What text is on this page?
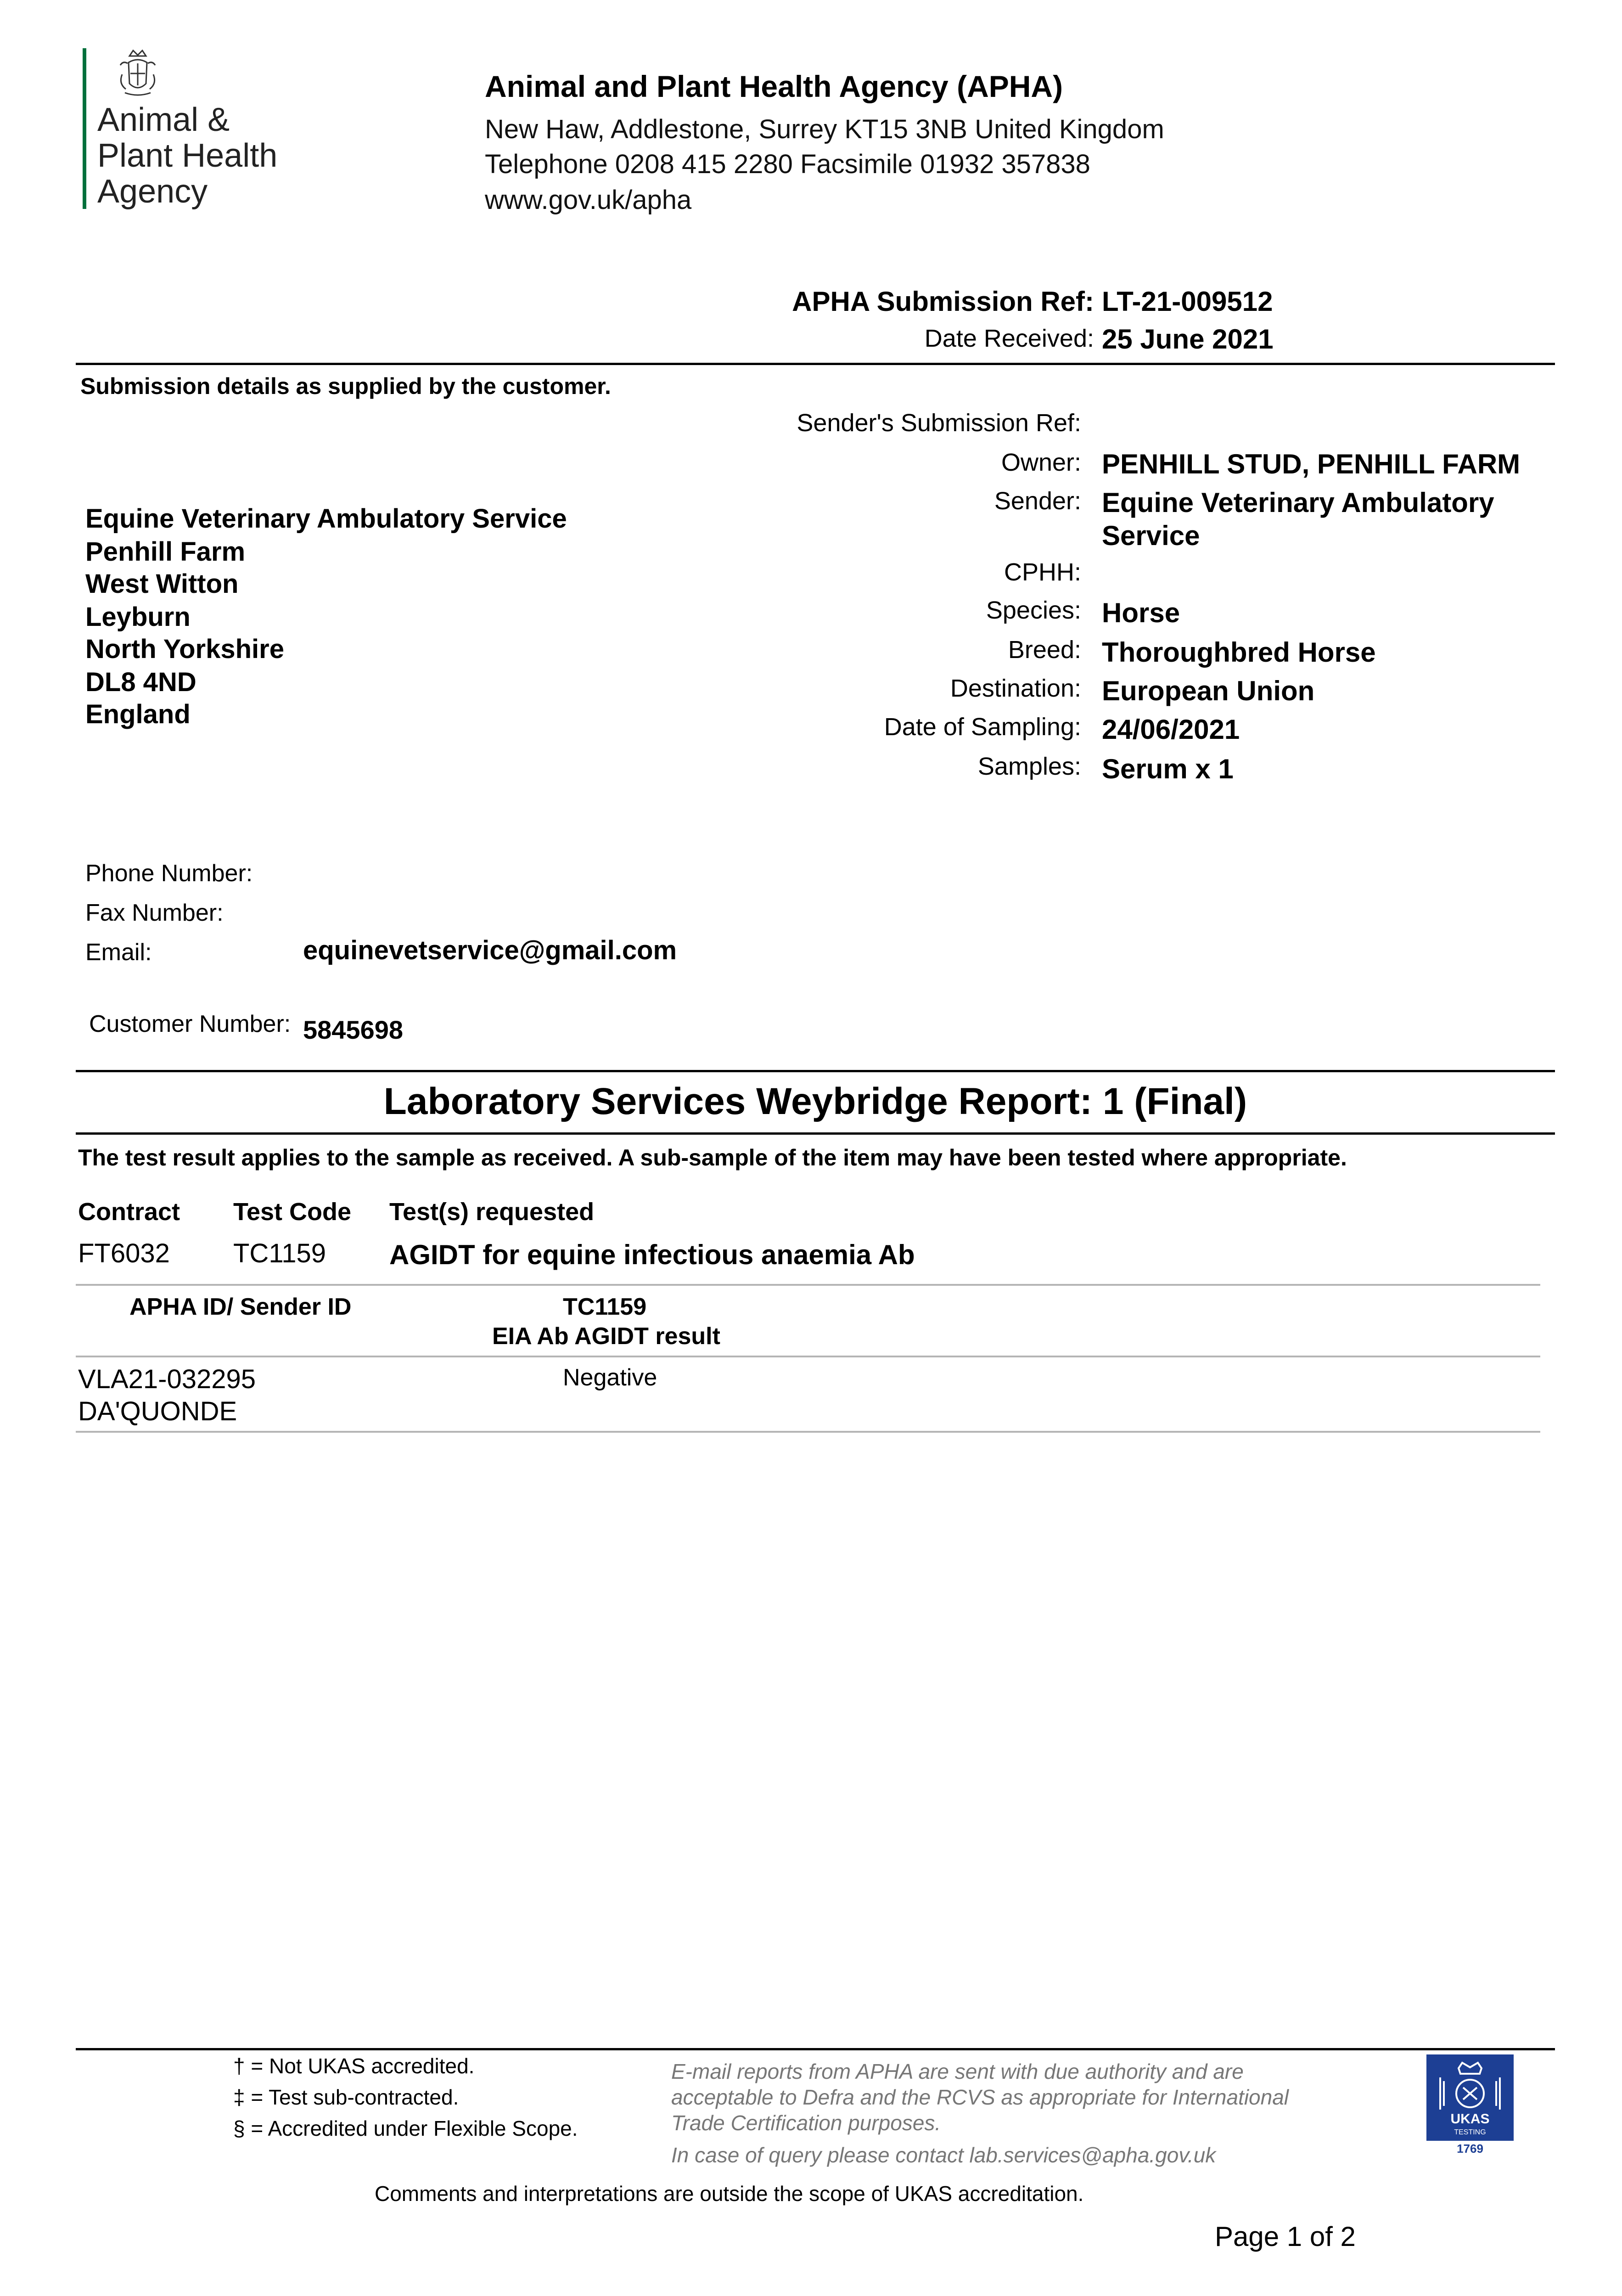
Animal &
Plant Health
Agency
Animal and Plant Health Agency (APHA)
New Haw, Addlestone, Surrey KT15 3NB United Kingdom
Telephone 0208 415 2280 Facsimile 01932 357838
www.gov.uk/apha
APHA Submission Ref: LT-21-009512
Date Received: 25 June 2021
Submission details as supplied by the customer.
Sender's Submission Ref:
Owner: PENHILL STUD, PENHILL FARM
Sender: Equine Veterinary Ambulatory
Service
CPHH:
Species: Horse
Breed: Thoroughbred Horse
Destination: European Union
Date of Sampling: 24/06/2021
Samples: Serum x 1
Equine Veterinary Ambulatory Service
Penhill Farm
West Witton
Leyburn
North Yorkshire
DL8 4ND
England
Phone Number:
Fax Number:
Email:	equinevetservice@gmail.com
Customer Number: 5845698
Laboratory Services Weybridge Report: 1 (Final)
The test result applies to the sample as received. A sub-sample of the item may have been tested where appropriate.
Contract Test Code Test(s) requested
FT6032 TC1159 AGIDT for equine infectious anaemia Ab
APHA ID/ Sender ID	TC1159
EIA Ab AGIDT result
VLA21-032295
DA'QUONDE
Negative
† = Not UKAS accredited.
‡ = Test sub-contracted.
§ = Accredited under Flexible Scope.
E-mail reports from APHA are sent with due authority and are
acceptable to Defra and the RCVS as appropriate for International
Trade Certification purposes.
In case of query please contact lab.services@apha.gov.uk
Comments and interpretations are outside the scope of UKAS accreditation.
Page 1 of 2
UKAS
TESTING
1769
